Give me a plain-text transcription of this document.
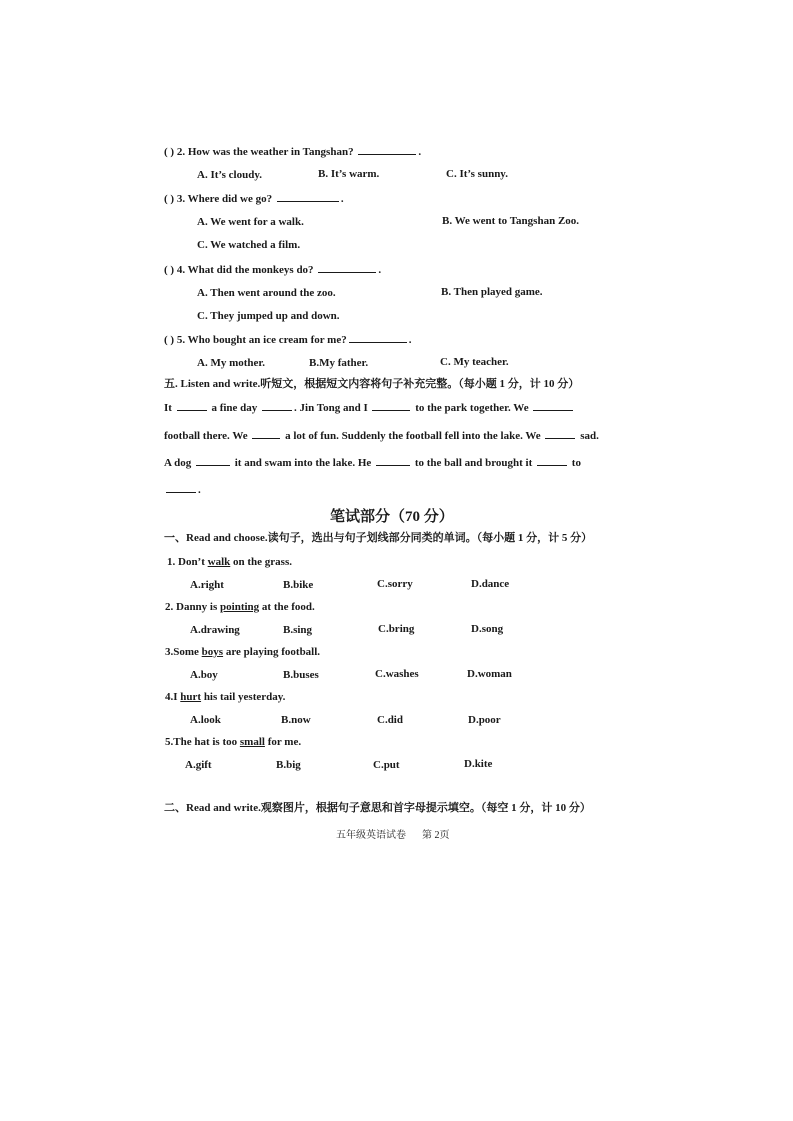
( ) 2. How was the weather in Tangshan?	.
A. It’s cloudy.	B. It’s warm.	C. It’s sunny.
( ) 3. Where did we go?	.
A. We went for a walk.	B. We went to Tangshan Zoo.
C. We watched a film.
( ) 4. What did the monkeys do?	.
A. Then went around the zoo.	B. Then played game.
C. They jumped up and down.
( ) 5. Who bought an ice cream for me?	.
A. My mother.	B.My father.	C. My teacher.
五. Listen and write.听短文，根据短文内容将句子补充完整。（每小题 1 分，计 10 分）
It	a fine day	. Jin Tong and I	to the park together. We
football there. We	a lot of fun. Suddenly the football fell into the lake. We	sad.
A dog	it and swam into the lake. He	to the ball and brought it	to
.
笔试部分（70 分）
一、Read and choose.读句子，选出与句子划线部分同类的单词。（每小题 1 分，计 5 分）
1. Don’t walk on the grass.
A.right	B.bike	C.sorry	D.dance
2. Danny is pointing at the food.
A.drawing	B.sing	C.bring	D.song
3.Some boys are playing football.
A.boy	B.buses	C.washes	D.woman
4.I hurt his tail yesterday.
A.look	B.now	C.did	D.poor
5.The hat is too small for me.
A.gift	B.big	C.put	D.kite
二、Read and write.观察图片，根据句子意思和首字母提示填空。（每空 1 分，计 10 分）
五年级英语试卷 第 2页
